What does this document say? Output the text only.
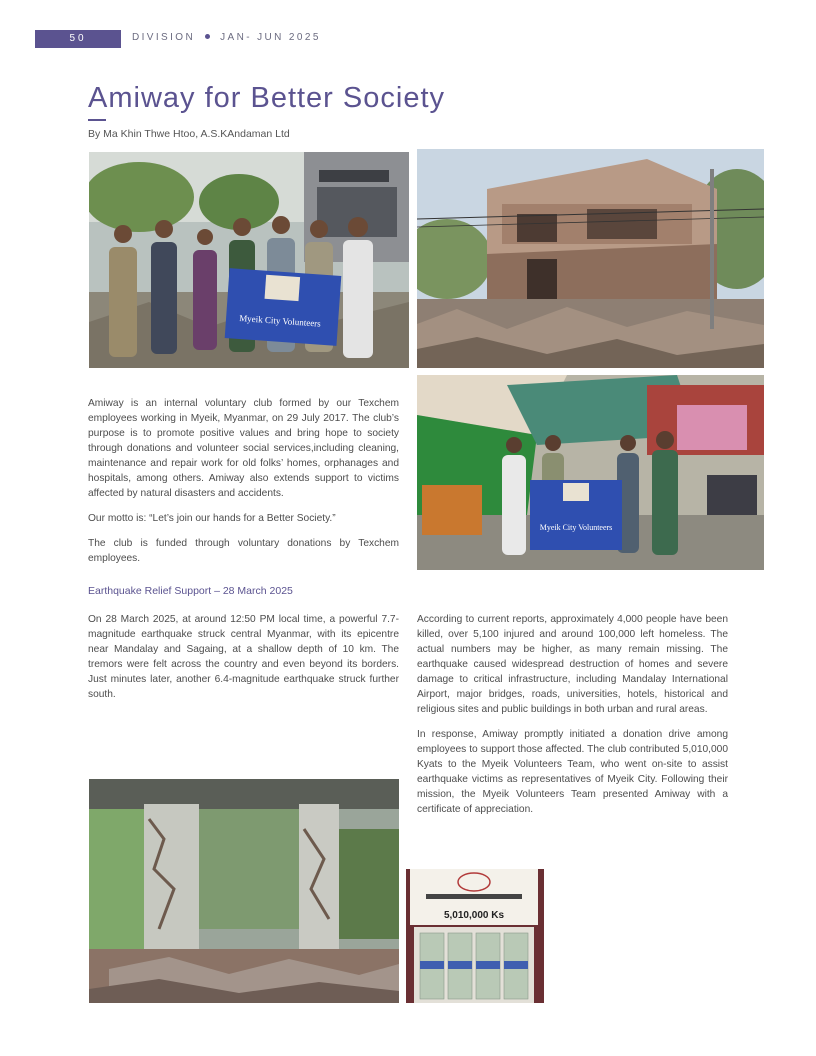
50	DIVISION	JAN- JUN 2025
Amiway for Better Society
By Ma Khin Thwe Htoo, A.S.KAndaman Ltd
Myeik City Volunteers
Myeik City Volunteers

Amiway is an internal voluntary club formed by our Texchem employees working in Myeik, Myanmar, on 29 July 2017. The club’s purpose is to promote positive values and bring hope to society through donations and volunteer social services,including cleaning, maintenance and repair work for old folks’ homes, orphanages and hospitals, among others. Amiway also extends support to victims affected by natural disasters and accidents.

Our motto is: “Let’s join our hands for a Better Society.”

The club is funded through voluntary donations by Texchem employees.

Earthquake Relief Support – 28 March 2025
On 28 March 2025, at around 12:50 PM local time, a powerful 7.7-magnitude earthquake struck central Myanmar, with its epicentre near Mandalay and Sagaing, at a shallow depth of 10 km. The tremors were felt across the country and even beyond its borders. Just minutes later, another 6.4-magnitude earthquake struck further south.

According to current reports, approximately 4,000 people have been killed, over 5,100 injured and around 100,000 left homeless. The actual numbers may be higher, as many remain missing. The earthquake caused widespread destruction of homes and severe damage to critical infrastructure, including Mandalay International Airport, major bridges, roads, universities, hotels, historical and religious sites and public buildings in both urban and rural areas.

In response, Amiway promptly initiated a donation drive among employees to support those affected. The club contributed 5,010,000 Kyats to the Myeik Volunteers Team, who went on-site to assist earthquake victims as representatives of Myeik City. Following their mission, the Myeik Volunteers Team presented Amiway with a certificate of appreciation.

5,010,000 Ks
